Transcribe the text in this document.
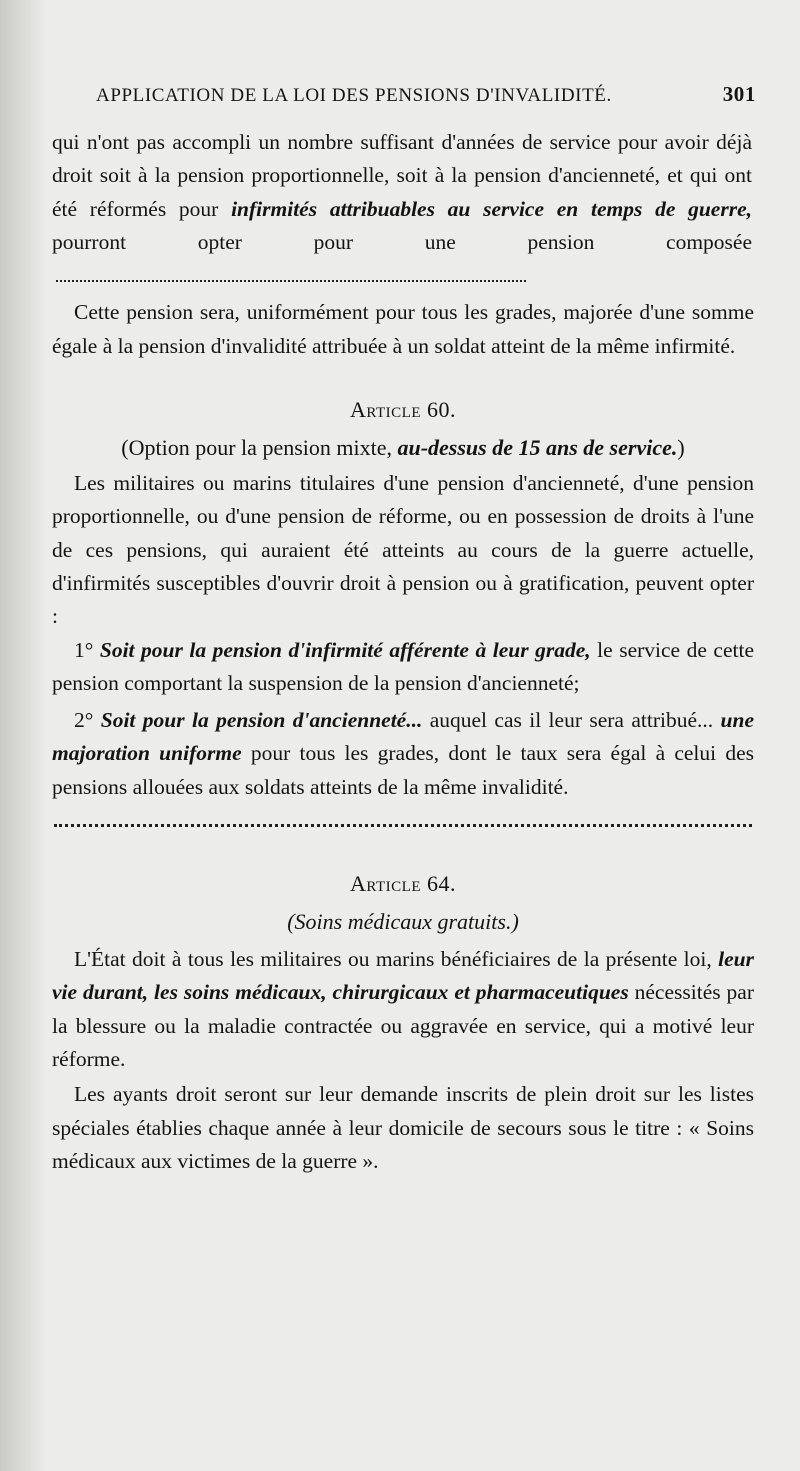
APPLICATION DE LA LOI DES PENSIONS D'INVALIDITÉ.	301

qui n'ont pas accompli un nombre suffisant d'années de service pour avoir déjà droit soit à la pension proportionnelle, soit à la pension d'ancienneté, et qui ont été réformés pour infirmités attribuables au service en temps de guerre, pourront opter pour une pension composée

Cette pension sera, uniformément pour tous les grades, majorée d'une somme égale à la pension d'invalidité attribuée à un soldat atteint de la même infirmité.

Article 60.
(Option pour la pension mixte, au-dessus de 15 ans de service.)

Les militaires ou marins titulaires d'une pension d'ancienneté, d'une pension proportionnelle, ou d'une pension de réforme, ou en possession de droits à l'une de ces pensions, qui auraient été atteints au cours de la guerre actuelle, d'infirmités susceptibles d'ouvrir droit à pension ou à gratification, peuvent opter :

1° Soit pour la pension d'infirmité afférente à leur grade, le service de cette pension comportant la suspension de la pension d'ancienneté;

2° Soit pour la pension d'ancienneté... auquel cas il leur sera attribué... une majoration uniforme pour tous les grades, dont le taux sera égal à celui des pensions allouées aux soldats atteints de la même invalidité.

Article 64.
(Soins médicaux gratuits.)

L'État doit à tous les militaires ou marins bénéficiaires de la présente loi, leur vie durant, les soins médicaux, chirurgicaux et pharmaceutiques nécessités par la blessure ou la maladie contractée ou aggravée en service, qui a motivé leur réforme.

Les ayants droit seront sur leur demande inscrits de plein droit sur les listes spéciales établies chaque année à leur domicile de secours sous le titre : « Soins médicaux aux victimes de la guerre ».
